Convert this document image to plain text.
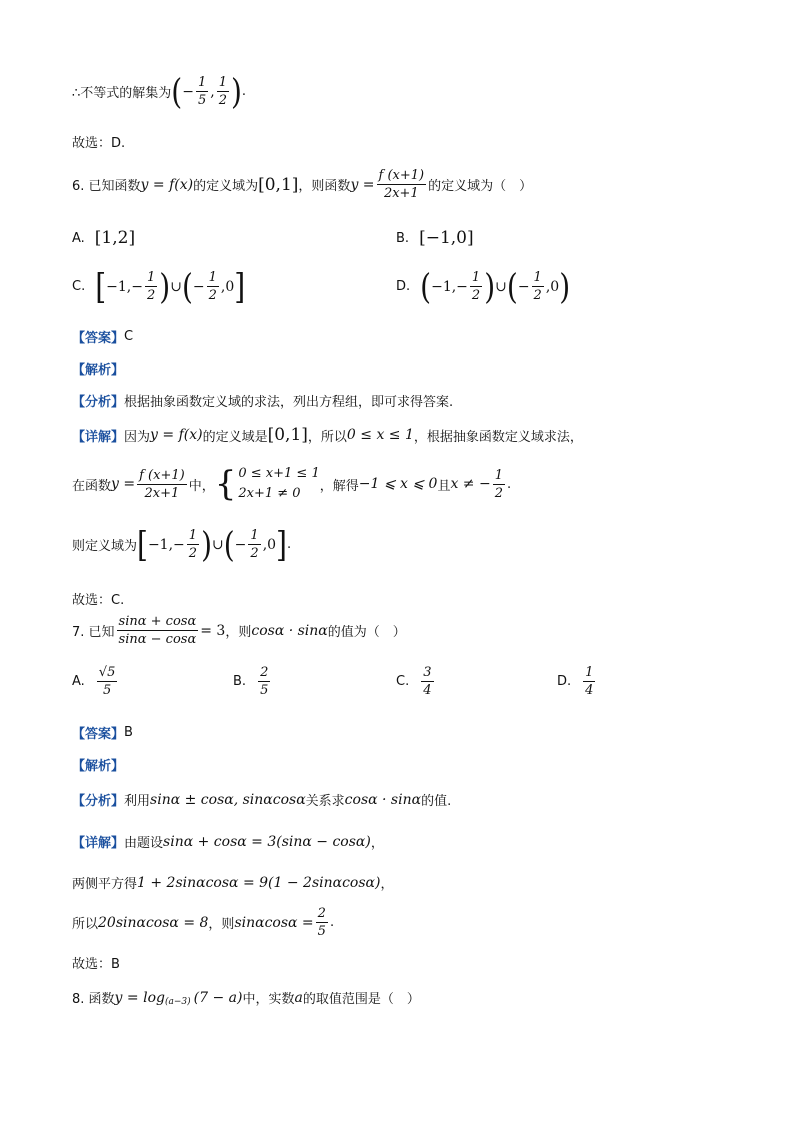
∴不等式的解集为 ( − $\frac{1}{5}$ , $\frac{1}{2}$ ) .
故选：D.
6. 已知函数 y = f(x) 的定义域为 [0,1] ，则函数 $y = \frac{f (x+1)}{2x+1}$ 的定义域为（　）
A. [1,2]	B. [−1,0]
C. [ $-1,- \frac{1}{2}$ ) ∪ ( − $\frac{1}{2} ,0$ ]	D. ( $-1,- \frac{1}{2}$ ) ∪ ( − $\frac{1}{2} ,0$ )
【答案】 C
【解析】
【分析】 根据抽象函数定义域的求法，列出方程组，即可求得答案.
【详解】 因为 y = f(x) 的定义域是 [0,1] ，所以 0 ≤ x ≤ 1 ，根据抽象函数定义域求法，
在函数 $y = \frac{f (x+1)}{2x+1}$ 中， { 0 ≤ x+1 ≤ 1
2x+1 ≠ 0	，解得 −1 ⩽ x ⩽ 0 且 x ≠ − $\frac{1}{2}$ .
则定义域为 [ $-1,- \frac{1}{2}$ ) ∪ ( − $\frac{1}{2} ,0$ ] .
故选：C.
7. 已知 $\frac{\sin\alpha + \cos\alpha}{\sin\alpha - \cos\alpha} = 3$ ，则 cosα · sinα 的值为（　）
A. $\frac{√5}{5}$	B. $\frac{2}{5}$	C. $\frac{3}{4}$	D. $\frac{1}{4}$
【答案】 B
【解析】
【分析】 利用 sinα ± cosα, sinαcosα 关系求 cosα · sinα 的值.
【详解】 由题设 sinα + cosα = 3(sinα − cosα) ，
两侧平方得 1 + 2sinαcosα = 9(1 − 2sinαcosα) ，
所以 20sinαcosα = 8 ，则 $\sin\alpha\cos\alpha = \frac{2}{5}$ .
故选：B
8. 函数 $y = \log_{(a-3)} (7 - a)$ 中，实数 a 的取值范围是（　）
